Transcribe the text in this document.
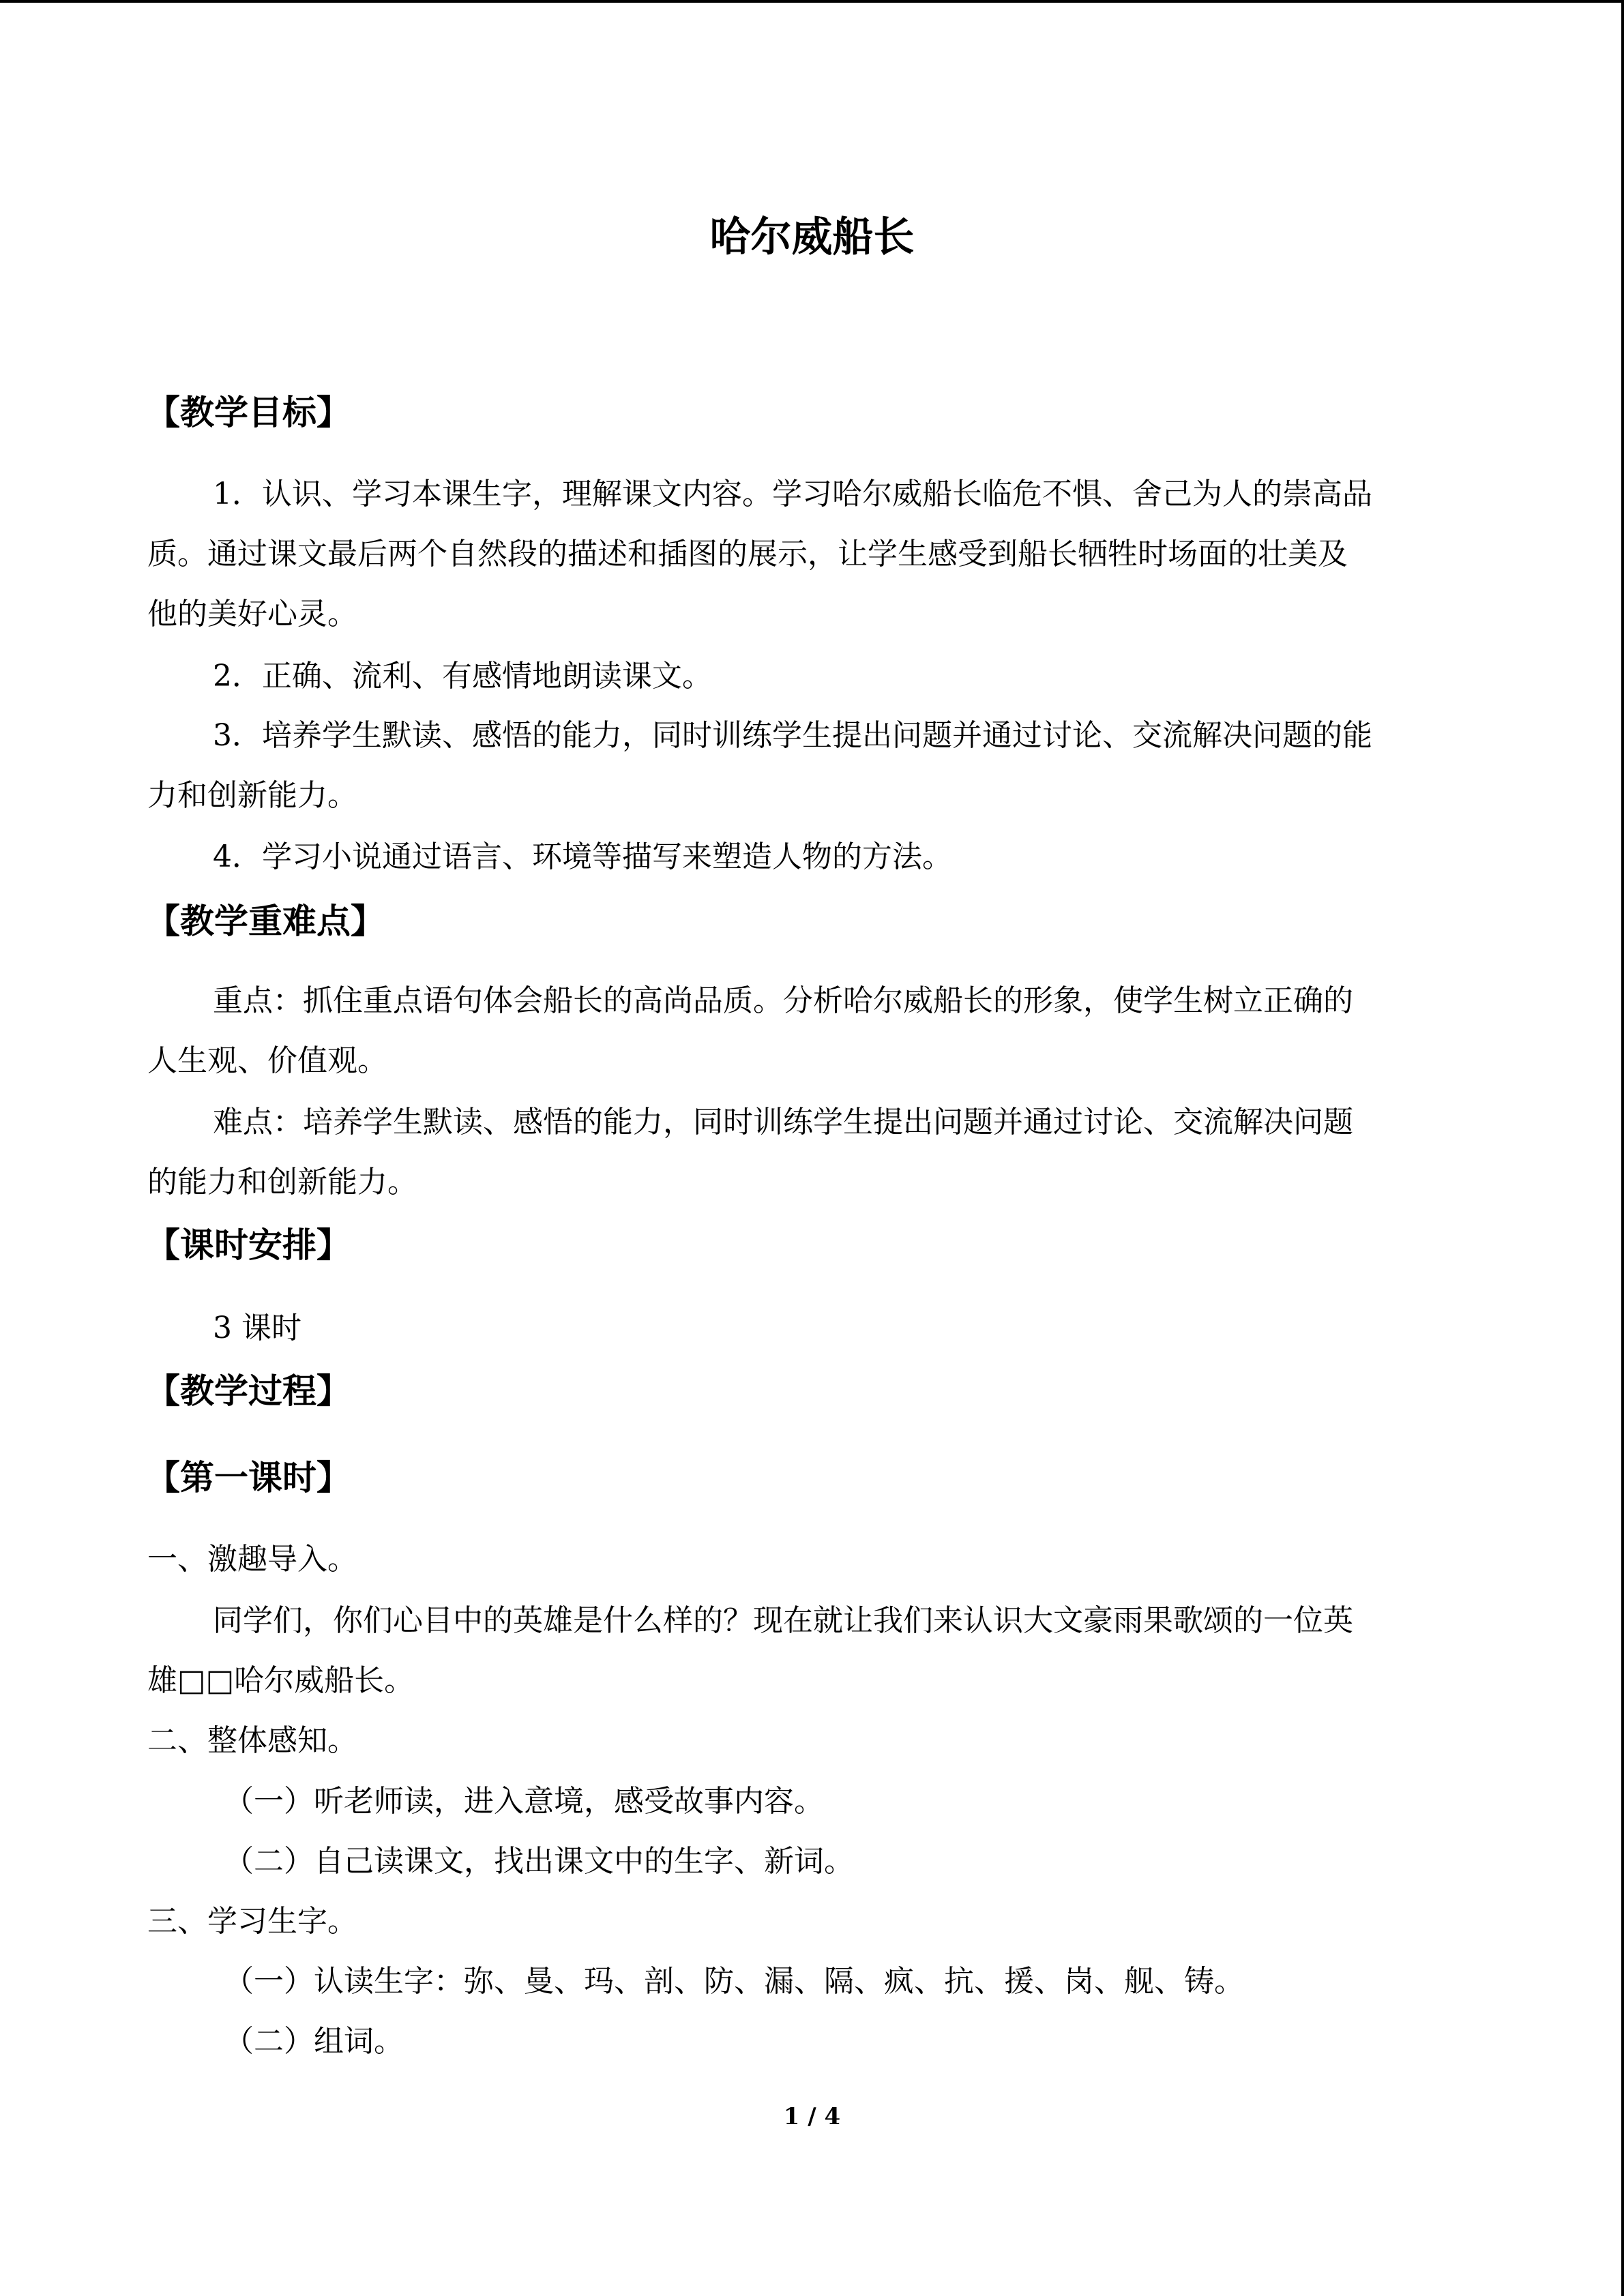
哈尔威船长
【教学目标】
1．认识、学习本课生字，理解课文内容。学习哈尔威船长临危不惧、舍己为人的崇高品
质。通过课文最后两个自然段的描述和插图的展示，让学生感受到船长牺牲时场面的壮美及
他的美好心灵。
2．正确、流利、有感情地朗读课文。
3．培养学生默读、感悟的能力，同时训练学生提出问题并通过讨论、交流解决问题的能
力和创新能力。
4．学习小说通过语言、环境等描写来塑造人物的方法。
【教学重难点】
重点：抓住重点语句体会船长的高尚品质。分析哈尔威船长的形象，使学生树立正确的
人生观、价值观。
难点：培养学生默读、感悟的能力，同时训练学生提出问题并通过讨论、交流解决问题
的能力和创新能力。
【课时安排】
3 课时
【教学过程】
【第一课时】
一、激趣导入。
同学们，你们心目中的英雄是什么样的？现在就让我们来认识大文豪雨果歌颂的一位英
雄□□哈尔威船长。
二、整体感知。
（一）听老师读，进入意境，感受故事内容。
（二）自己读课文，找出课文中的生字、新词。
三、学习生字。
（一）认读生字：弥、曼、玛、剖、防、漏、隔、疯、抗、援、岗、舰、铸。
（二）组词。
1 / 4
